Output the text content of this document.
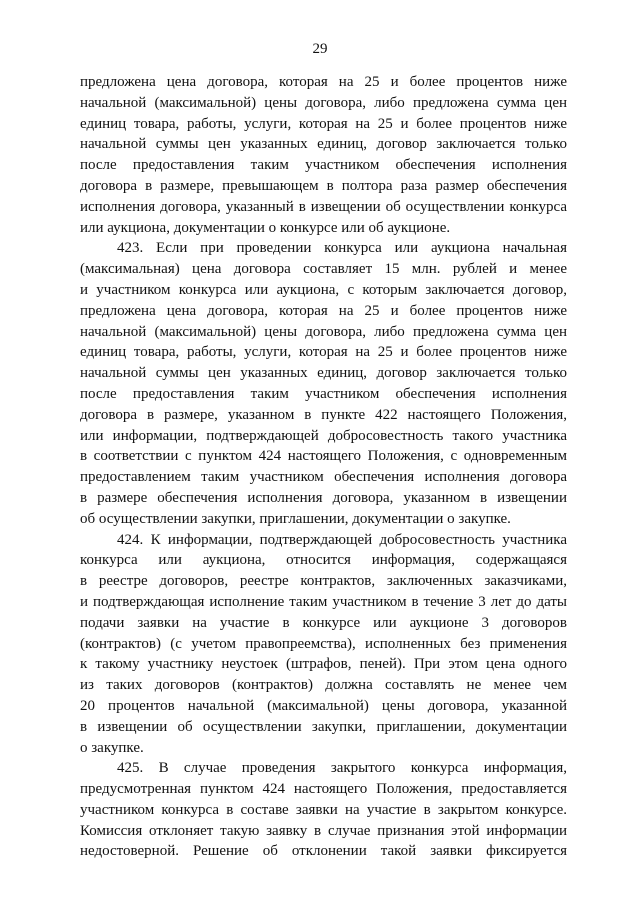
29

предложена цена договора, которая на 25 и более процентов ниже

начальной (максимальной) цены договора, либо предложена сумма цен

единиц товара, работы, услуги, которая на 25 и более процентов ниже

начальной суммы цен указанных единиц, договор заключается только

после предоставления таким участником обеспечения исполнения

договора в размере, превышающем в полтора раза размер обеспечения

исполнения договора, указанный в извещении об осуществлении конкурса

или аукциона, документации о конкурсе или об аукционе.

423. Если при проведении конкурса или аукциона начальная

(максимальная) цена договора составляет 15 млн. рублей и менее

и участником конкурса или аукциона, с которым заключается договор,

предложена цена договора, которая на 25 и более процентов ниже

начальной (максимальной) цены договора, либо предложена сумма цен

единиц товара, работы, услуги, которая на 25 и более процентов ниже

начальной суммы цен указанных единиц, договор заключается только

после предоставления таким участником обеспечения исполнения

договора в размере, указанном в пункте 422 настоящего Положения,

или информации, подтверждающей добросовестность такого участника

в соответствии с пунктом 424 настоящего Положения, с одновременным

предоставлением таким участником обеспечения исполнения договора

в размере обеспечения исполнения договора, указанном в извещении

об осуществлении закупки, приглашении, документации о закупке.

424. К информации, подтверждающей добросовестность участника

конкурса или аукциона, относится информация, содержащаяся

в реестре договоров, реестре контрактов, заключенных заказчиками,

и подтверждающая исполнение таким участником в течение 3 лет до даты

подачи заявки на участие в конкурсе или аукционе 3 договоров

(контрактов) (с учетом правопреемства), исполненных без применения

к такому участнику неустоек (штрафов, пеней). При этом цена одного

из таких договоров (контрактов) должна составлять не менее чем

20 процентов начальной (максимальной) цены договора, указанной

в извещении об осуществлении закупки, приглашении, документации

о закупке.

425. В случае проведения закрытого конкурса информация,

предусмотренная пунктом 424 настоящего Положения, предоставляется

участником конкурса в составе заявки на участие в закрытом конкурсе.

Комиссия отклоняет такую заявку в случае признания этой информации

недостоверной. Решение об отклонении такой заявки фиксируется
